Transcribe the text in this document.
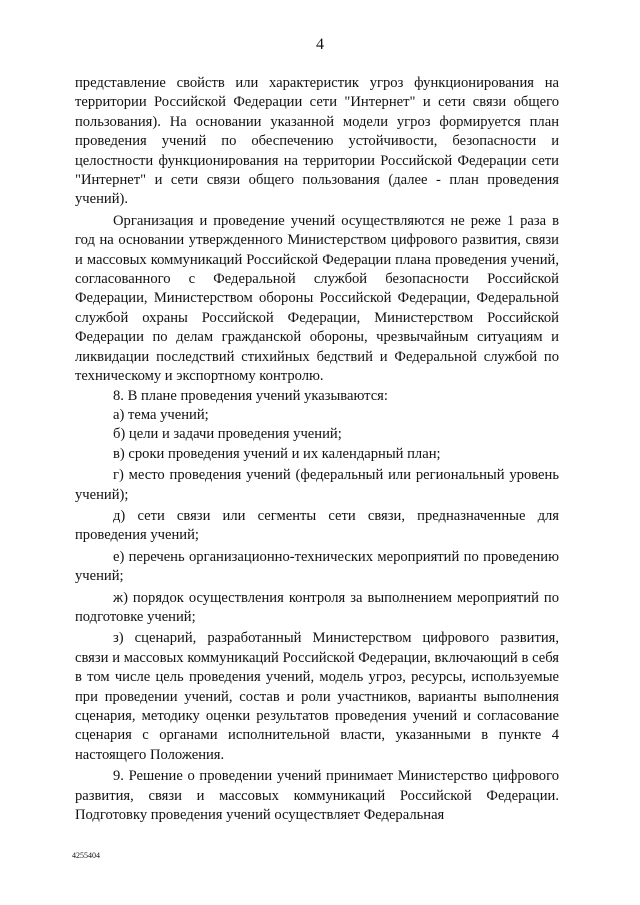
4

представление свойств или характеристик угроз функционирования на территории Российской Федерации сети "Интернет" и сети связи общего пользования). На основании указанной модели угроз формируется план проведения учений по обеспечению устойчивости, безопасности и целостности функционирования на территории Российской Федерации сети "Интернет" и сети связи общего пользования (далее - план проведения учений).

Организация и проведение учений осуществляются не реже 1 раза в год на основании утвержденного Министерством цифрового развития, связи и массовых коммуникаций Российской Федерации плана проведения учений, согласованного с Федеральной службой безопасности Российской Федерации, Министерством обороны Российской Федерации, Федеральной службой охраны Российской Федерации, Министерством Российской Федерации по делам гражданской обороны, чрезвычайным ситуациям и ликвидации последствий стихийных бедствий и Федеральной службой по техническому и экспортному контролю.

8. В плане проведения учений указываются:

а) тема учений;

б) цели и задачи проведения учений;

в) сроки проведения учений и их календарный план;

г) место проведения учений (федеральный или региональный уровень учений);

д) сети связи или сегменты сети связи, предназначенные для проведения учений;

е) перечень организационно-технических мероприятий по проведению учений;

ж) порядок осуществления контроля за выполнением мероприятий по подготовке учений;

з) сценарий, разработанный Министерством цифрового развития, связи и массовых коммуникаций Российской Федерации, включающий в себя в том числе цель проведения учений, модель угроз, ресурсы, используемые при проведении учений, состав и роли участников, варианты выполнения сценария, методику оценки результатов проведения учений и согласование сценария с органами исполнительной власти, указанными в пункте 4 настоящего Положения.

9. Решение о проведении учений принимает Министерство цифрового развития, связи и массовых коммуникаций Российской Федерации. Подготовку проведения учений осуществляет Федеральная

4255404
